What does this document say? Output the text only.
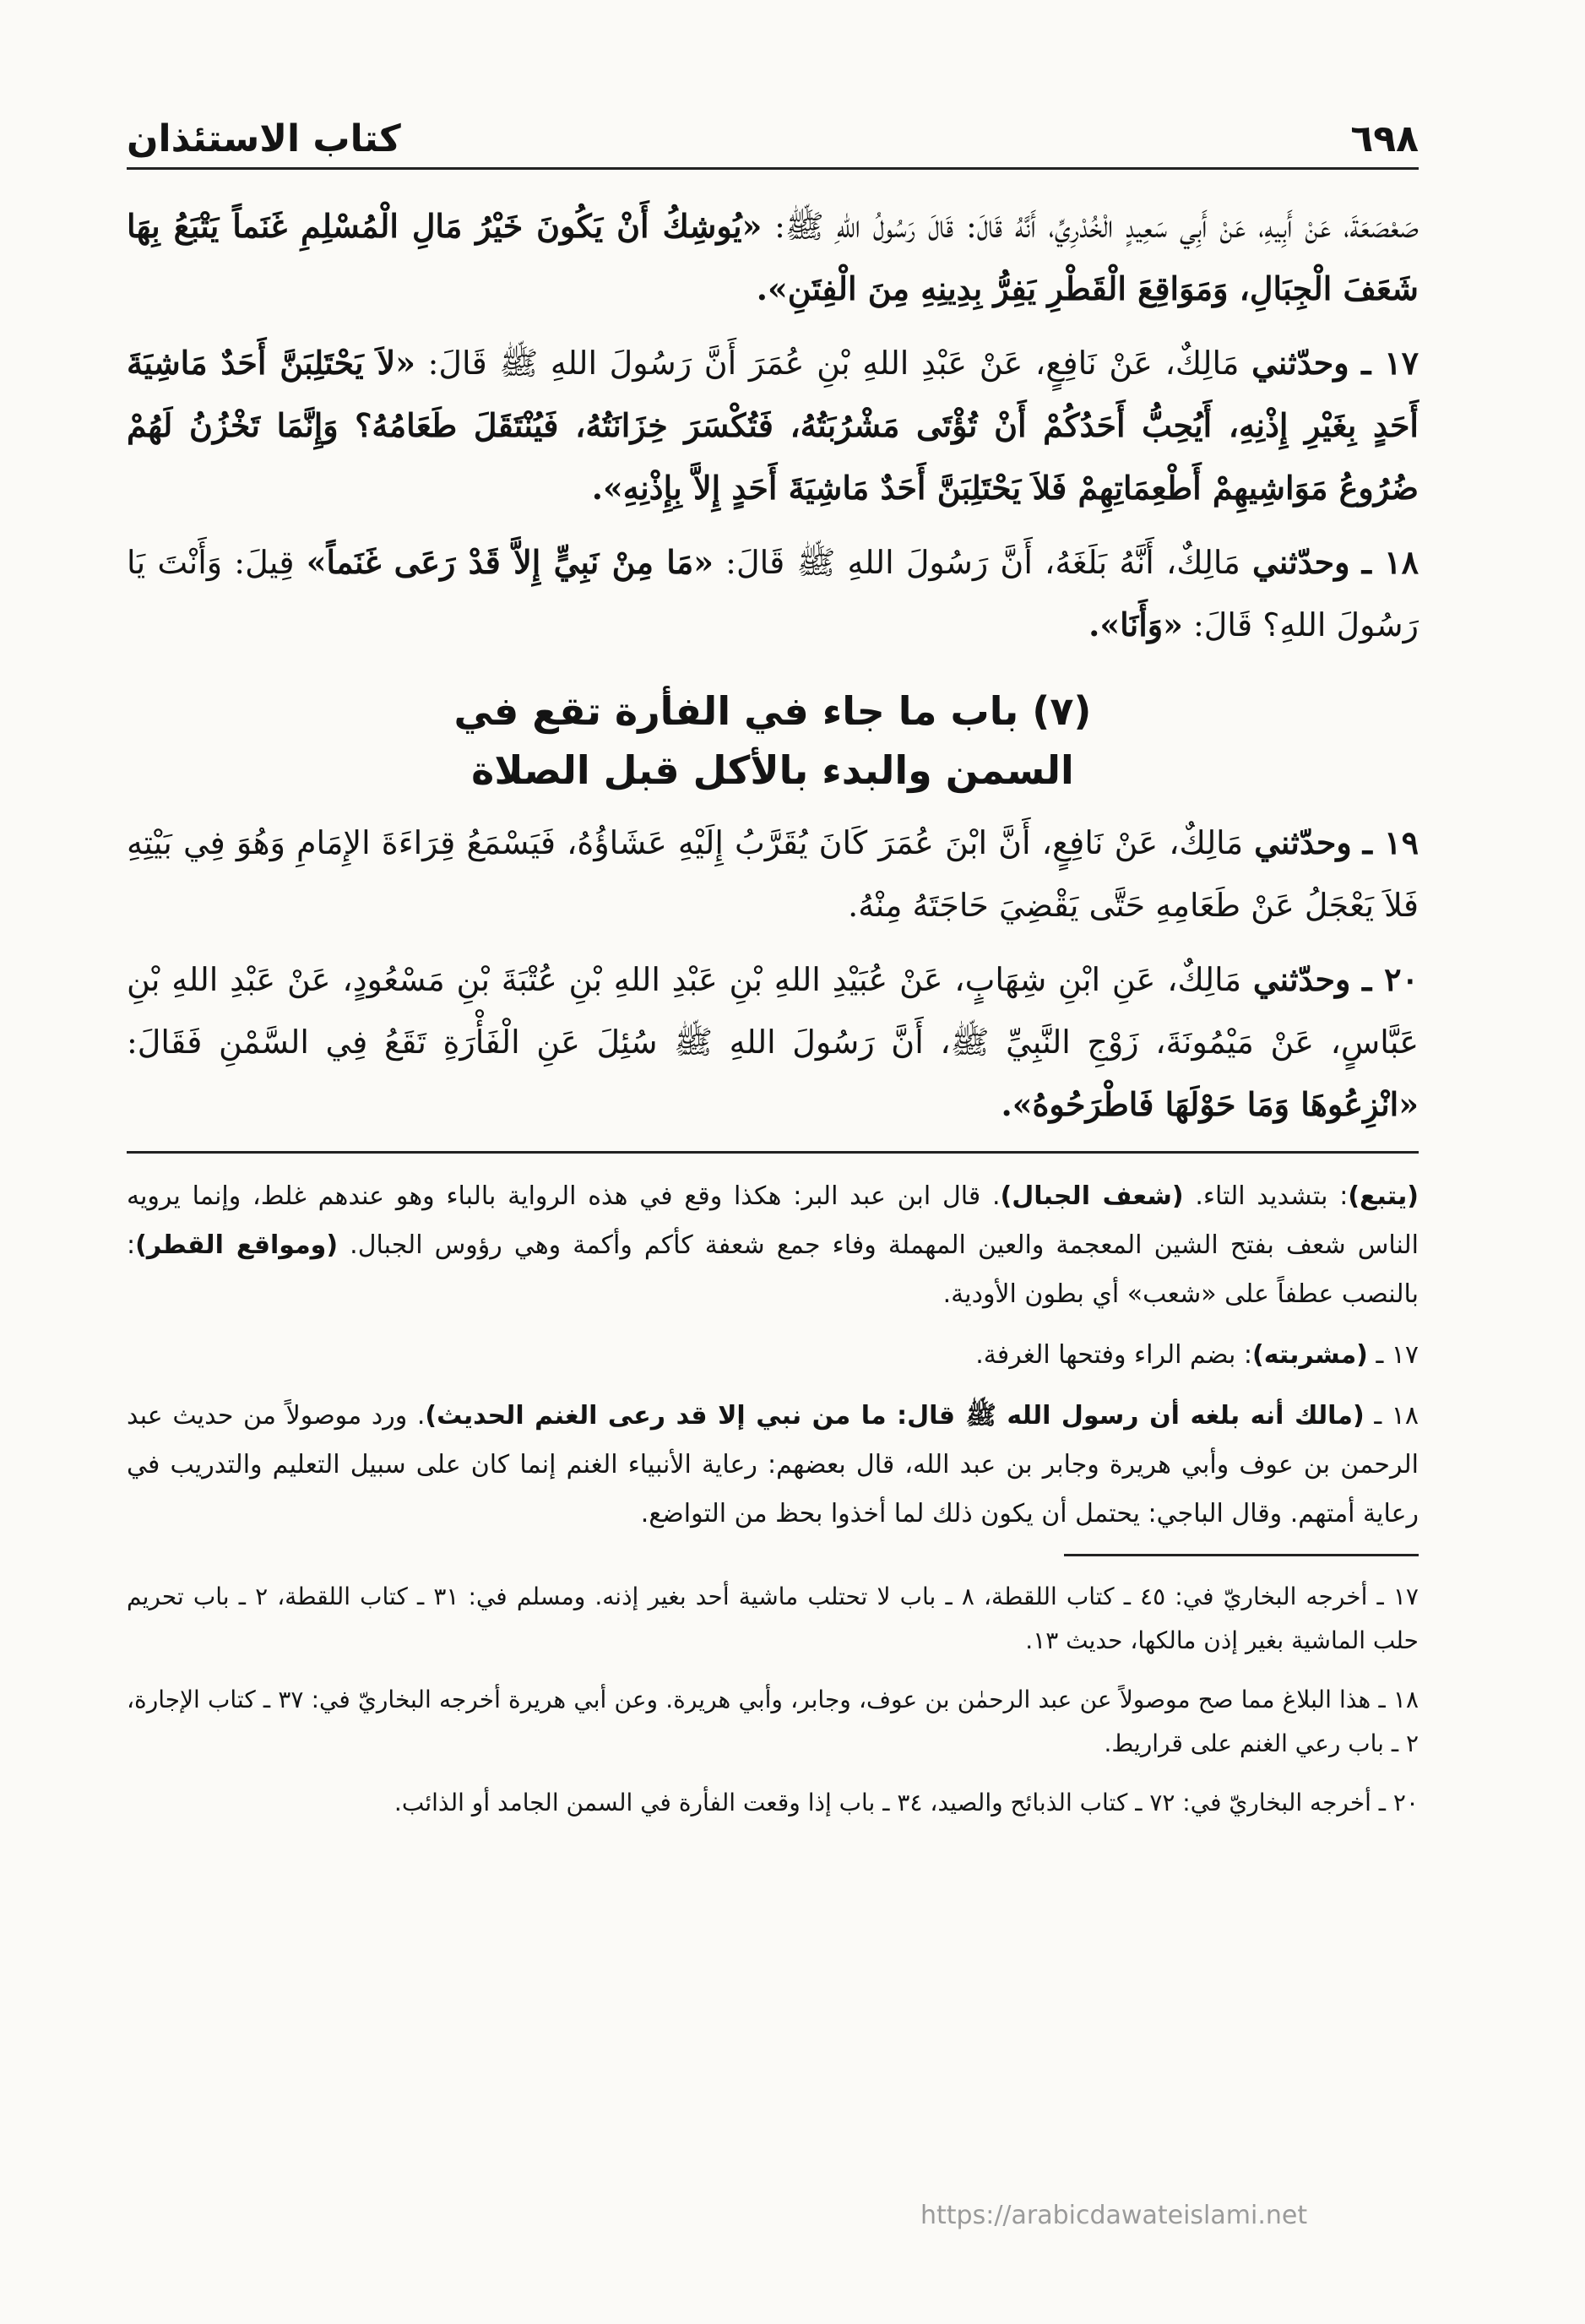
٦٩٨
كتاب الاستئذان

صَعْصَعَةَ، عَنْ أَبِيهِ، عَنْ أَبِي سَعِيدٍ الْخُدْرِيِّ، أَنَّهُ قَالَ: قَالَ رَسُولُ اللهِ ﷺ: «يُوشِكُ أَنْ يَكُونَ خَيْرُ مَالِ الْمُسْلِمِ غَنَماً يَتْبَعُ بِهَا شَعَفَ الْجِبَالِ، وَمَوَاقِعَ الْقَطْرِ يَفِرُّ بِدِينِهِ مِنَ الْفِتَنِ».

١٧ ـ وحدّثني مَالِكٌ، عَنْ نَافِعٍ، عَنْ عَبْدِ اللهِ بْنِ عُمَرَ أَنَّ رَسُولَ اللهِ ﷺ قَالَ: «لاَ يَحْتَلِبَنَّ أَحَدٌ مَاشِيَةَ أَحَدٍ بِغَيْرِ إِذْنِهِ، أَيُحِبُّ أَحَدُكُمْ أَنْ تُؤْتَى مَشْرُبَتُهُ، فَتُكْسَرَ خِزَانَتُهُ، فَيُنْتَقَلَ طَعَامُهُ؟ وَإِنَّمَا تَخْزُنُ لَهُمْ ضُرُوعُ مَوَاشِيهِمْ أَطْعِمَاتِهِمْ فَلاَ يَحْتَلِبَنَّ أَحَدٌ مَاشِيَةَ أَحَدٍ إِلاَّ بِإِذْنِهِ».

١٨ ـ وحدّثني مَالِكٌ، أَنَّهُ بَلَغَهُ، أَنَّ رَسُولَ اللهِ ﷺ قَالَ: «مَا مِنْ نَبِيٍّ إِلاَّ قَدْ رَعَى غَنَماً» قِيلَ: وَأَنْتَ يَا رَسُولَ اللهِ؟ قَالَ: «وَأَنَا».

(٧) باب ما جاء في الفأرة تقع في
السمن والبدء بالأكل قبل الصلاة

١٩ ـ وحدّثني مَالِكٌ، عَنْ نَافِعٍ، أَنَّ ابْنَ عُمَرَ كَانَ يُقَرَّبُ إِلَيْهِ عَشَاؤُهُ، فَيَسْمَعُ قِرَاءَةَ الإِمَامِ وَهُوَ فِي بَيْتِهِ فَلاَ يَعْجَلُ عَنْ طَعَامِهِ حَتَّى يَقْضِيَ حَاجَتَهُ مِنْهُ.

٢٠ ـ وحدّثني مَالِكٌ، عَنِ ابْنِ شِهَابٍ، عَنْ عُبَيْدِ اللهِ بْنِ عَبْدِ اللهِ بْنِ عُتْبَةَ بْنِ مَسْعُودٍ، عَنْ عَبْدِ اللهِ بْنِ عَبَّاسٍ، عَنْ مَيْمُونَةَ، زَوْجِ النَّبِيِّ ﷺ، أَنَّ رَسُولَ اللهِ ﷺ سُئِلَ عَنِ الْفَأْرَةِ تَقَعُ فِي السَّمْنِ فَقَالَ: «انْزِعُوهَا وَمَا حَوْلَهَا فَاطْرَحُوهُ».

(يتبع): بتشديد التاء. (شعف الجبال). قال ابن عبد البر: هكذا وقع في هذه الرواية بالباء وهو عندهم غلط، وإنما يرويه الناس شعف بفتح الشين المعجمة والعين المهملة وفاء جمع شعفة كأكم وأكمة وهي رؤوس الجبال. (ومواقع القطر): بالنصب عطفاً على «شعب» أي بطون الأودية.

١٧ ـ (مشربته): بضم الراء وفتحها الغرفة.

١٨ ـ (مالك أنه بلغه أن رسول الله ﷺ قال: ما من نبي إلا قد رعى الغنم الحديث). ورد موصولاً من حديث عبد الرحمن بن عوف وأبي هريرة وجابر بن عبد الله، قال بعضهم: رعاية الأنبياء الغنم إنما كان على سبيل التعليم والتدريب في رعاية أمتهم. وقال الباجي: يحتمل أن يكون ذلك لما أخذوا بحظ من التواضع.

١٧ ـ أخرجه البخاريّ في: ٤٥ ـ كتاب اللقطة، ٨ ـ باب لا تحتلب ماشية أحد بغير إذنه. ومسلم في: ٣١ ـ كتاب اللقطة، ٢ ـ باب تحريم حلب الماشية بغير إذن مالكها، حديث ١٣.

١٨ ـ هذا البلاغ مما صح موصولاً عن عبد الرحمٰن بن عوف، وجابر، وأبي هريرة. وعن أبي هريرة أخرجه البخاريّ في: ٣٧ ـ كتاب الإجارة، ٢ ـ باب رعي الغنم على قراريط.

٢٠ ـ أخرجه البخاريّ في: ٧٢ ـ كتاب الذبائح والصيد، ٣٤ ـ باب إذا وقعت الفأرة في السمن الجامد أو الذائب.

https://arabicdawateislami.net
